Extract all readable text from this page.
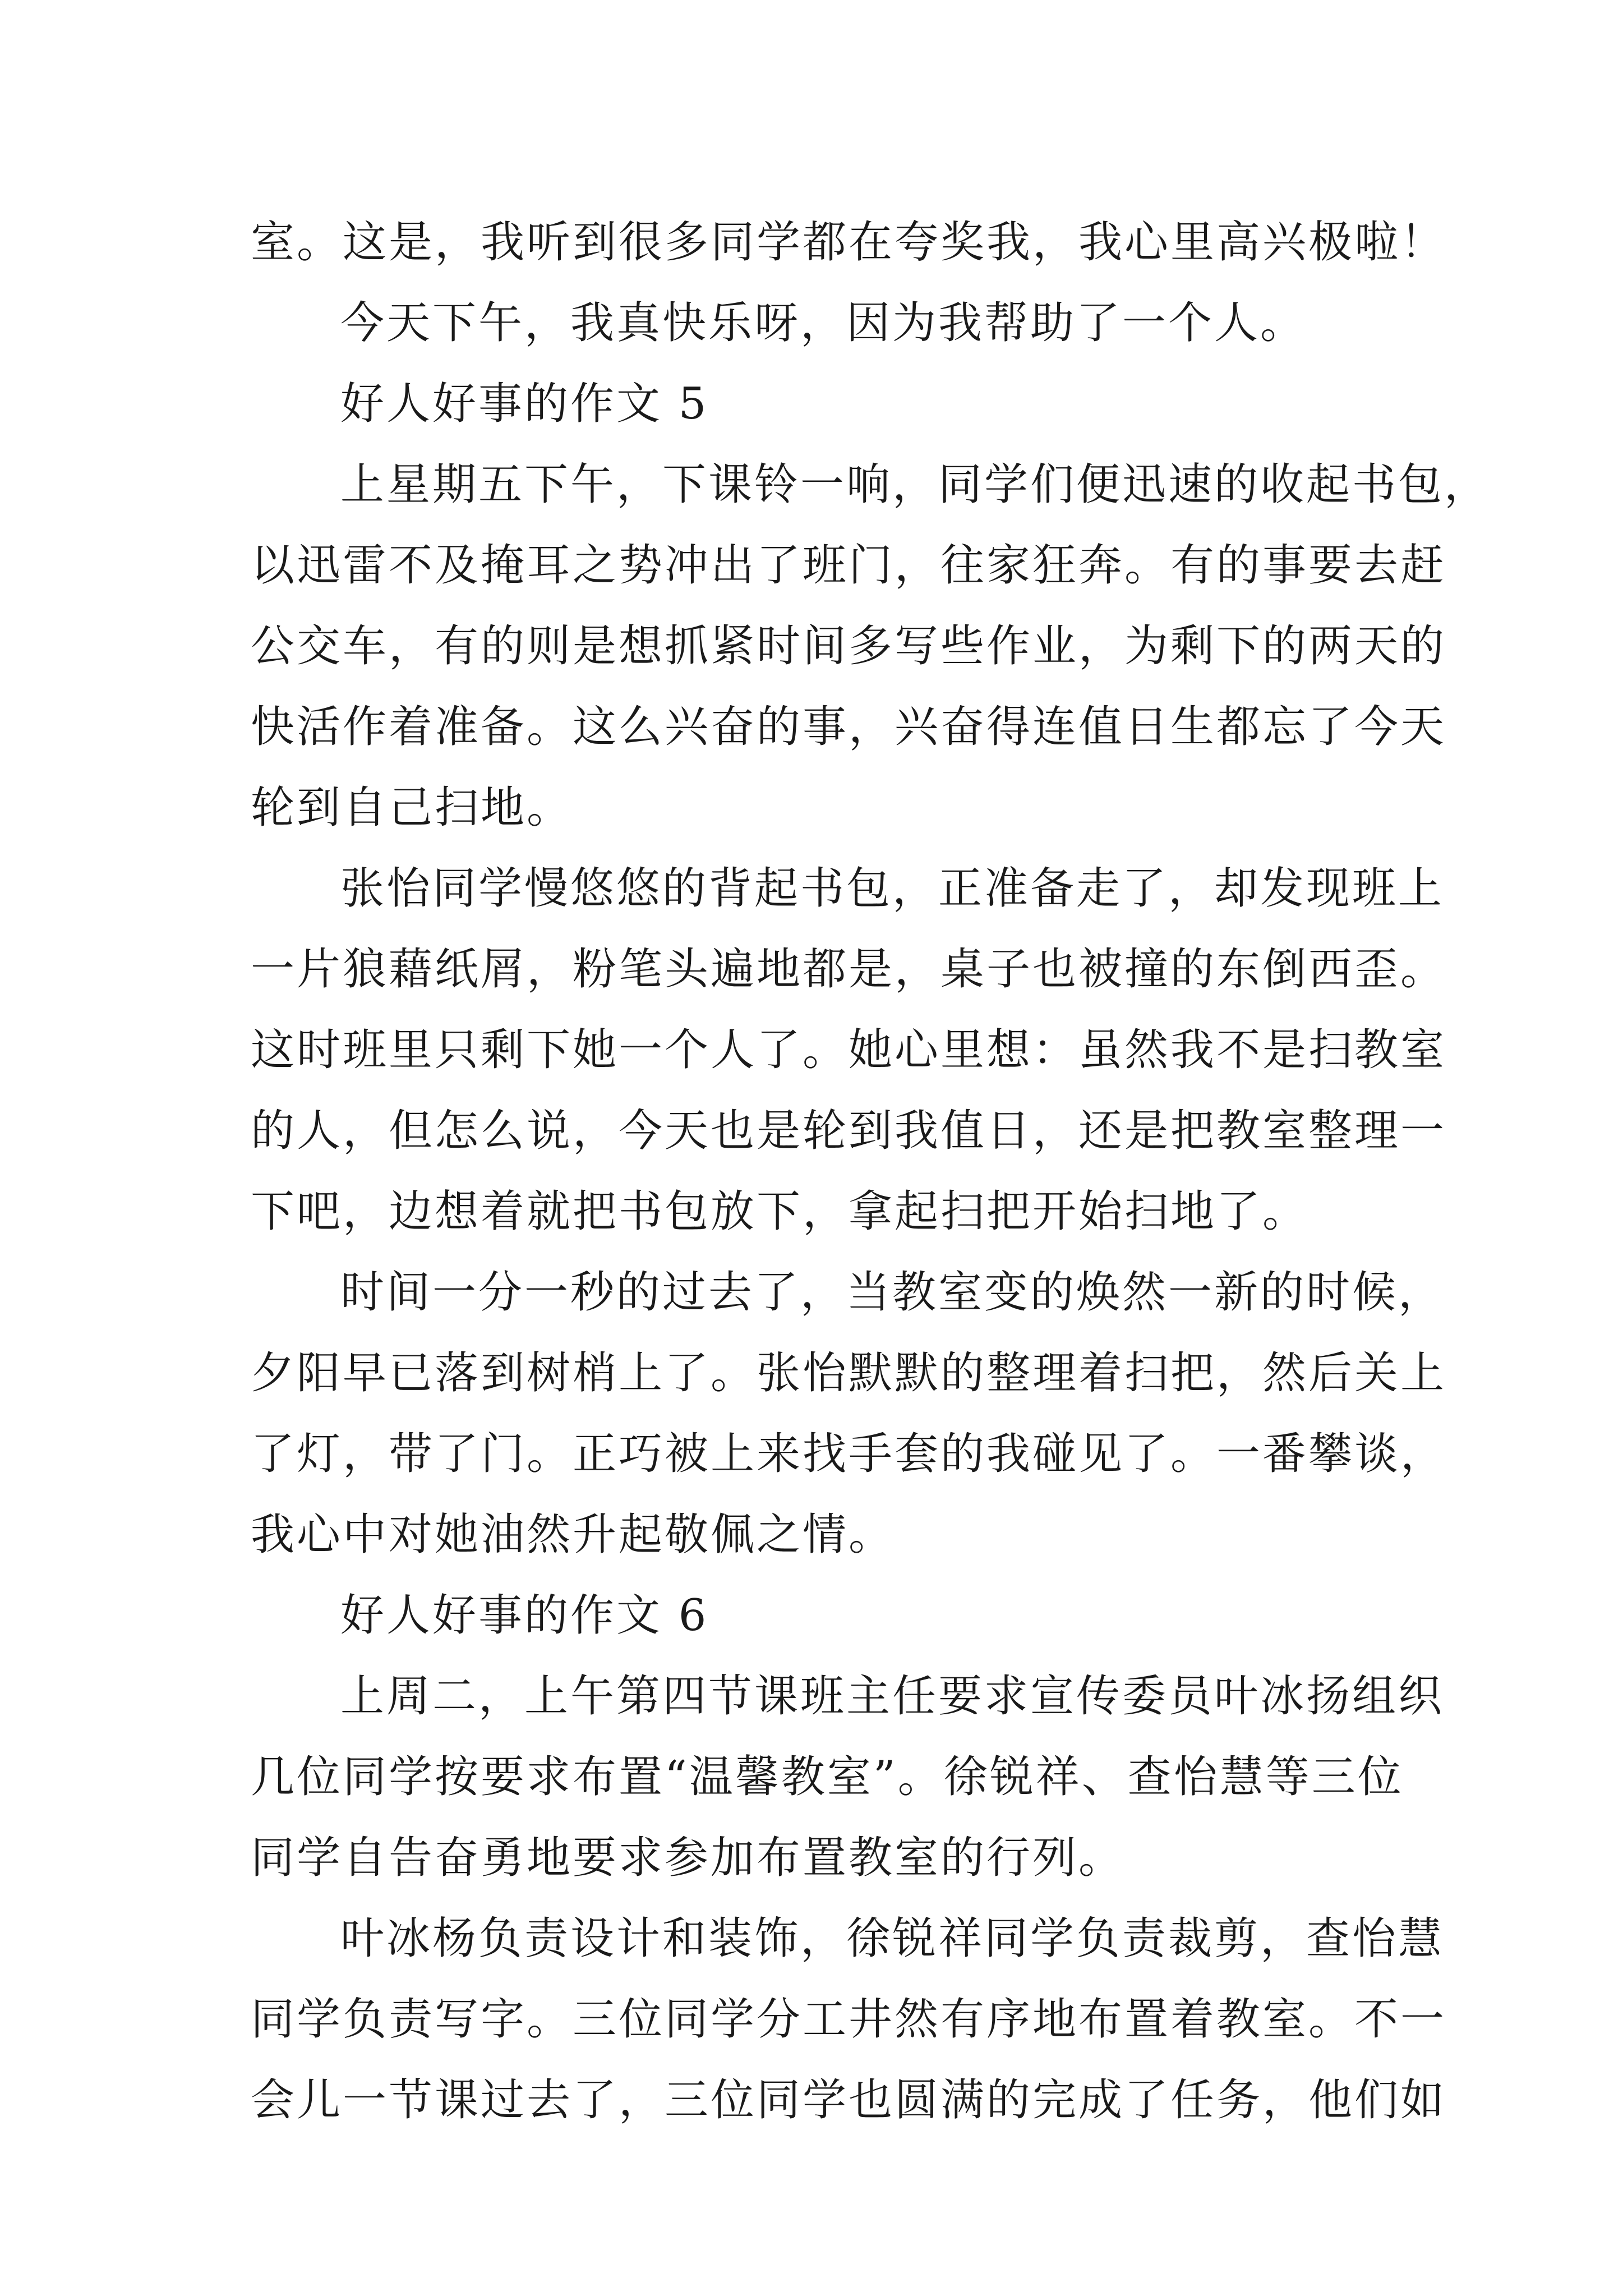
室。这是，我听到很多同学都在夸奖我，我心里高兴极啦！
今天下午，我真快乐呀，因为我帮助了一个人。
好人好事的作文 5
上星期五下午，下课铃一响，同学们便迅速的收起书包，
以迅雷不及掩耳之势冲出了班门，往家狂奔。有的事要去赶
公交车，有的则是想抓紧时间多写些作业，为剩下的两天的
快活作着准备。这么兴奋的事，兴奋得连值日生都忘了今天
轮到自己扫地。
张怡同学慢悠悠的背起书包，正准备走了，却发现班上
一片狼藉纸屑，粉笔头遍地都是，桌子也被撞的东倒西歪。
这时班里只剩下她一个人了。她心里想：虽然我不是扫教室
的人，但怎么说，今天也是轮到我值日，还是把教室整理一
下吧，边想着就把书包放下，拿起扫把开始扫地了。
时间一分一秒的过去了，当教室变的焕然一新的时候，
夕阳早已落到树梢上了。张怡默默的整理着扫把，然后关上
了灯，带了门。正巧被上来找手套的我碰见了。一番攀谈，
我心中对她油然升起敬佩之情。
好人好事的作文 6
上周二，上午第四节课班主任要求宣传委员叶冰扬组织
几位同学按要求布置“温馨教室”。徐锐祥、查怡慧等三位
同学自告奋勇地要求参加布置教室的行列。
叶冰杨负责设计和装饰，徐锐祥同学负责裁剪，查怡慧
同学负责写字。三位同学分工井然有序地布置着教室。不一
会儿一节课过去了，三位同学也圆满的完成了任务，他们如
